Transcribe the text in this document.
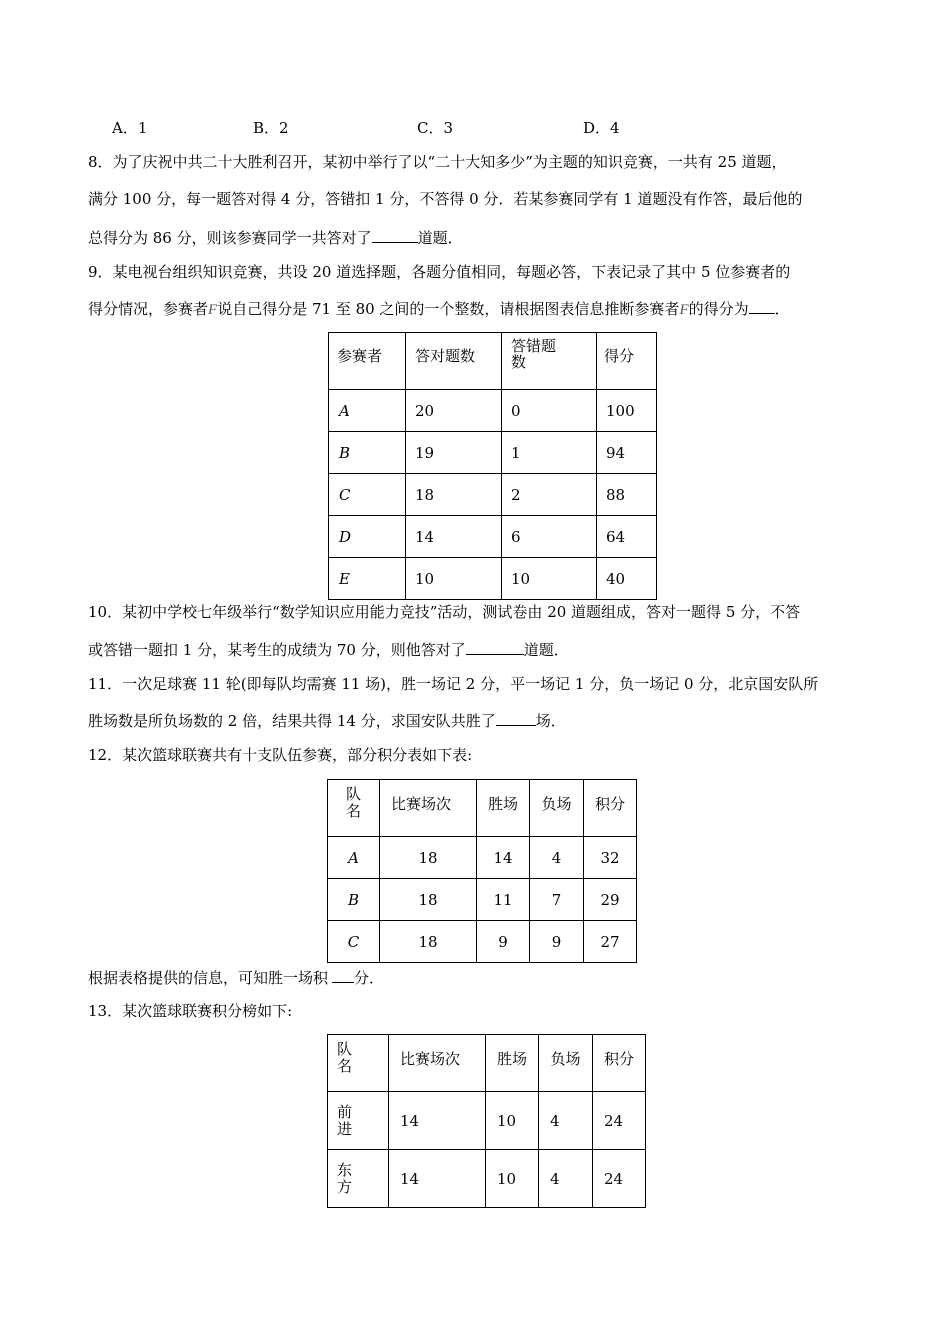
A．1	B．2	C．3	D．4
8．为了庆祝中共二十大胜利召开，某初中举行了以“二十大知多少”为主题的知识竞赛，一共有 25 道题，
满分 100 分，每一题答对得 4 分，答错扣 1 分，不答得 0 分．若某参赛同学有 1 道题没有作答，最后他的
总得分为 86 分，则该参赛同学一共答对了	道题．
9．某电视台组织知识竞赛，共设 20 道选择题，各题分值相同，每题必答，下表记录了其中 5 位参赛者的
得分情况，参赛者F说自己得分是 71 至 80 之间的一个整数，请根据图表信息推断参赛者F的得分为 ．
参赛者	答对题数	答错题数	得分
A	20	0	100
B	19	1	94
C	18	2	88
D	14	6	64
E	10	10	40
10．某初中学校七年级举行“数学知识应用能力竞技”活动，测试卷由 20 道题组成，答对一题得 5 分，不答
或答错一题扣 1 分，某考生的成绩为 70 分，则他答对了	道题．
11．一次足球赛 11 轮(即每队均需赛 11 场)，胜一场记 2 分，平一场记 1 分，负一场记 0 分，北京国安队所
胜场数是所负场数的 2 倍，结果共得 14 分，求国安队共胜了	场．
12．某次篮球联赛共有十支队伍参赛，部分积分表如下表:
队名	比赛场次	胜场	负场	积分
A	18	14	4	32
B	18	11	7	29
C	18	9	9	27
根据表格提供的信息，可知胜一场积 分．
13．某次篮球联赛积分榜如下:
队名	比赛场次	胜场	负场	积分

前进	14	10	4	24

东方	14	10	4	24
